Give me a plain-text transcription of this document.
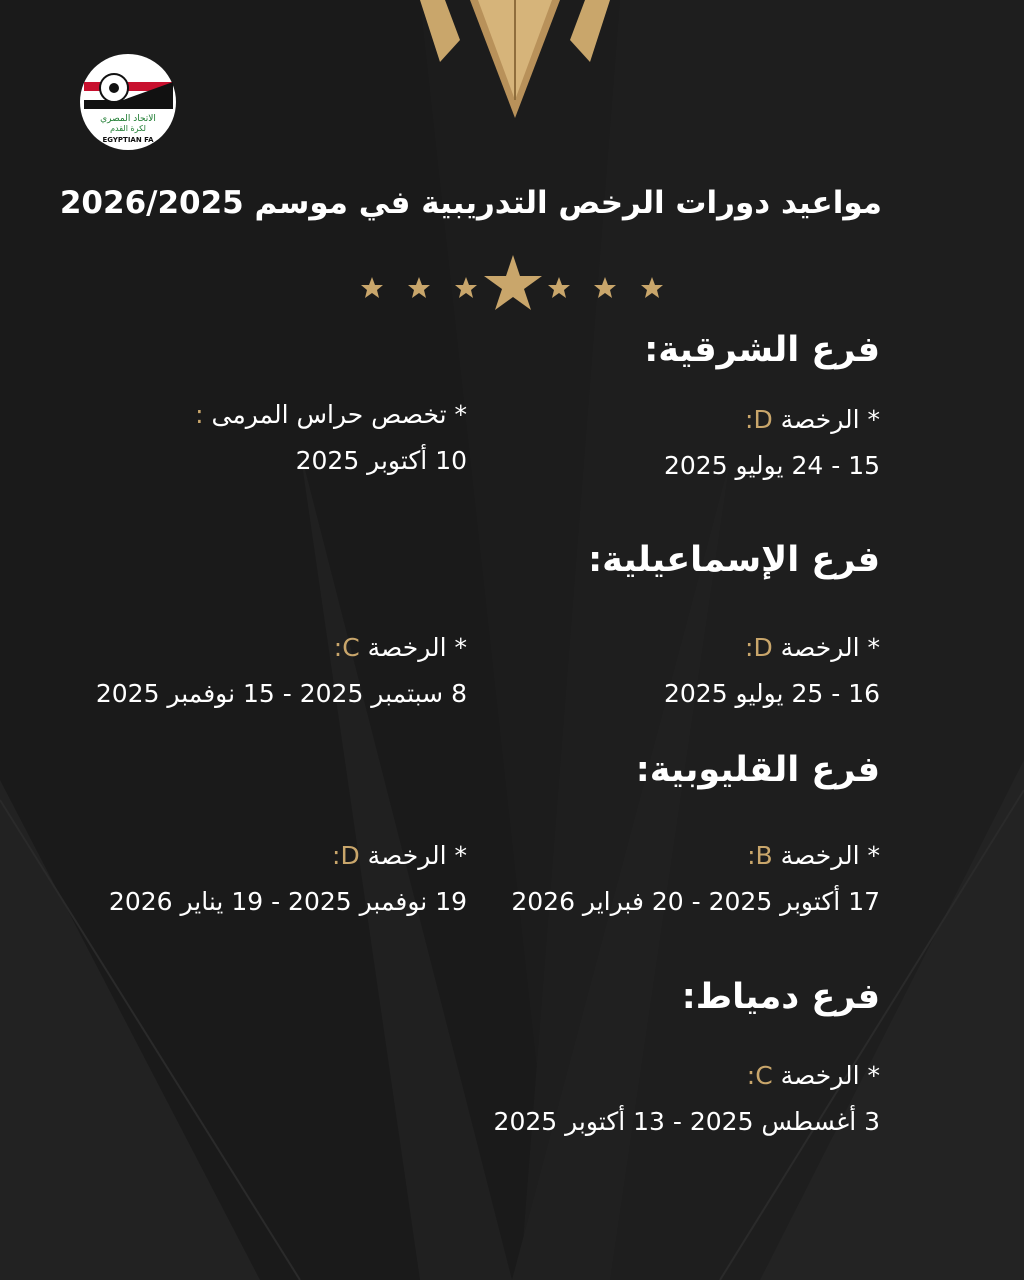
الاتحاد المصري
لكرة القدم
EGYPTIAN FA
مواعيد دورات الرخص التدريبية في موسم 2026/2025
فرع الشرقية:
* الرخصة D:
15 - 24 يوليو 2025
* تخصص حراس المرمى :
10 أكتوبر 2025
فرع الإسماعيلية:
* الرخصة D:
16 - 25 يوليو 2025
* الرخصة C:
8 سبتمبر 2025 - 15 نوفمبر 2025
فرع القليوبية:
* الرخصة B:
17 أكتوبر 2025 - 20 فبراير 2026
* الرخصة D:
19 نوفمبر 2025 - 19 يناير 2026
فرع دمياط:
* الرخصة C:
3 أغسطس 2025 - 13 أكتوبر 2025
